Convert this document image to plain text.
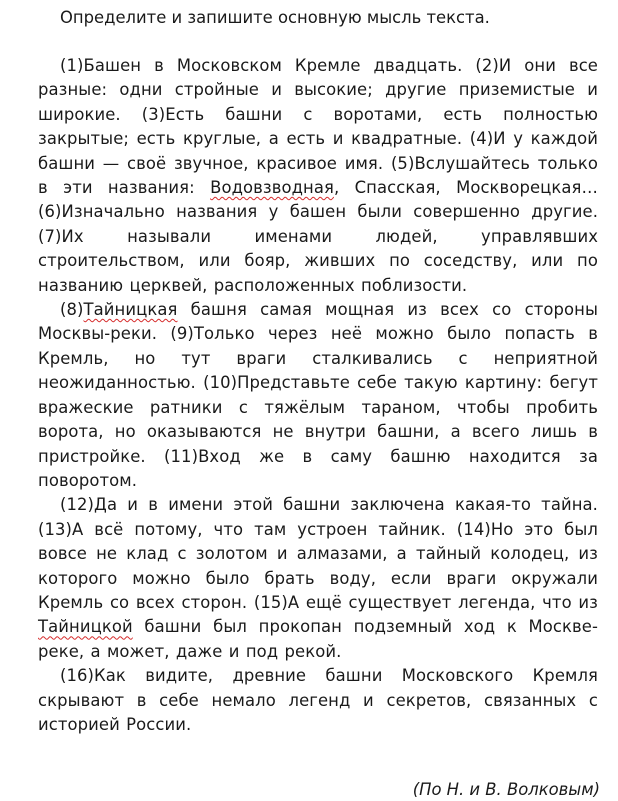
Определите и запишите основную мысль текста.

(1)Башен в Московском Кремле двадцать. (2)И они все разные: одни стройные и высокие; другие приземистые и широкие. (3)Есть башни с воротами, есть полностью закрытые; есть круглые, а есть и квадратные. (4)И у каждой башни — своё звучное, красивое имя. (5)Вслушайтесь только в эти названия: Водовзводная, Спасская, Москворецкая… (6)Изначально названия у башен были совершенно другие. (7)Их называли именами людей, управлявших строительством, или бояр, живших по соседству, или по названию церквей, расположенных поблизости.

(8)Тайницкая башня самая мощная из всех со стороны Москвы-реки. (9)Только через неё можно было попасть в Кремль, но тут враги сталкивались с неприятной неожиданностью. (10)Представьте себе такую картину: бегут вражеские ратники с тяжёлым тараном, чтобы пробить ворота, но оказываются не внутри башни, а всего лишь в пристройке. (11)Вход же в саму башню находится за поворотом.

(12)Да и в имени этой башни заключена какая-то тайна. (13)А всё потому, что там устроен тайник. (14)Но это был вовсе не клад с золотом и алмазами, а тайный колодец, из которого можно было брать воду, если враги окружали Кремль со всех сторон. (15)А ещё существует легенда, что из Тайницкой башни был прокопан подземный ход к Москве-реке, а может, даже и под рекой.

(16)Как видите, древние башни Московского Кремля скрывают в себе немало легенд и секретов, связанных с историей России.

(По Н. и В. Волковым)
